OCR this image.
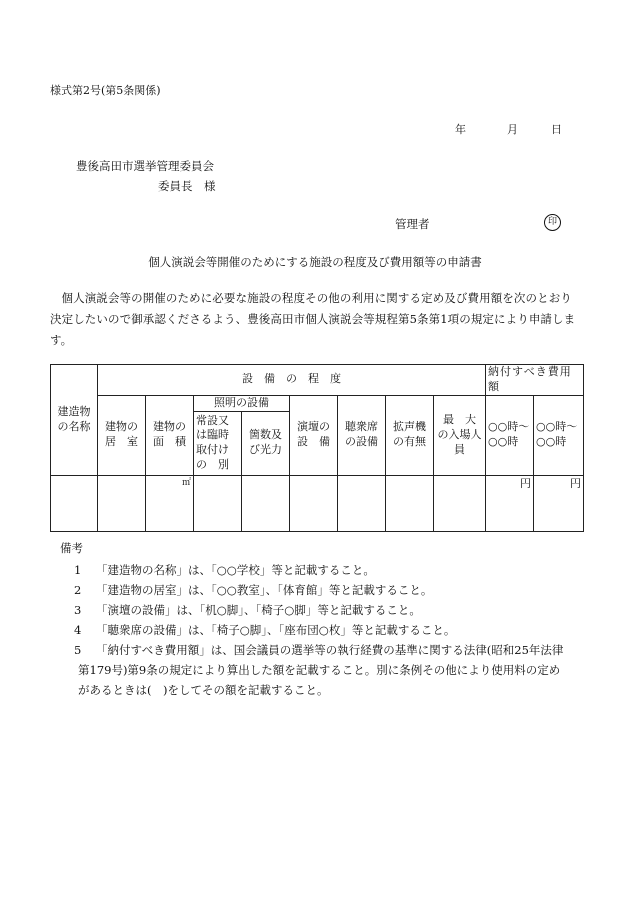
様式第2号(第5条関係)
年	月	日
豊後高田市選挙管理委員会
委員長　様
管理者	印
個人演説会等開催のためにする施設の程度及び費用額等の申請書
個人演説会等の開催のために必要な施設の程度その他の利用に関する定め及び費用額を次のとおり決定したいので御承認くださるよう、豊後高田市個人演説会等規程第5条第1項の規定により申請します。
建造物の名称	設　備　の　程　度								納付すべき費用額	
	建物の居　室	建物の面　積	照明の設備		演壇の設　備	聴衆席の設備	拡声機の有無	最　大　の入場人員	○○時〜○○時	○○時〜○○時
			常設又は臨時取付けの　別	箇数及び光力						
		㎡							円	円
備考
1 「建造物の名称」は、「○○学校」等と記載すること。
2 「建造物の居室」は、「○○教室」、「体育館」等と記載すること。
3 「演壇の設備」は、「机○脚」、「椅子○脚」等と記載すること。
4 「聴衆席の設備」は、「椅子○脚」、「座布団○枚」等と記載すること。
5 「納付すべき費用額」は、国会議員の選挙等の執行経費の基準に関する法律(昭和25年法律
第179号)第9条の規定により算出した額を記載すること。別に条例その他により使用料の定め
があるときは(　)をしてその額を記載すること。
